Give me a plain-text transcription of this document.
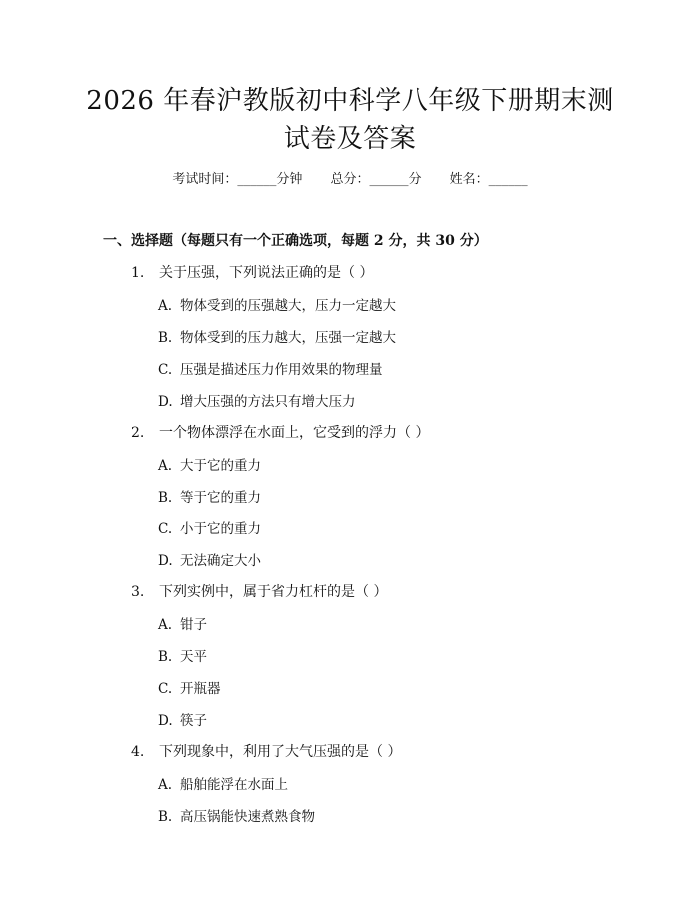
2026 年春沪教版初中科学八年级下册期末测
试卷及答案
考试时间：______分钟 总分：______分 姓名：______
一、选择题（每题只有一个正确选项，每题 2 分，共 30 分）
1. 关于压强，下列说法正确的是（ ）
A. 物体受到的压强越大，压力一定越大
B. 物体受到的压力越大，压强一定越大
C. 压强是描述压力作用效果的物理量
D. 增大压强的方法只有增大压力
2. 一个物体漂浮在水面上，它受到的浮力（ ）
A. 大于它的重力
B. 等于它的重力
C. 小于它的重力
D. 无法确定大小
3. 下列实例中，属于省力杠杆的是（ ）
A. 钳子
B. 天平
C. 开瓶器
D. 筷子
4. 下列现象中，利用了大气压强的是（ ）
A. 船舶能浮在水面上
B. 高压锅能快速煮熟食物
